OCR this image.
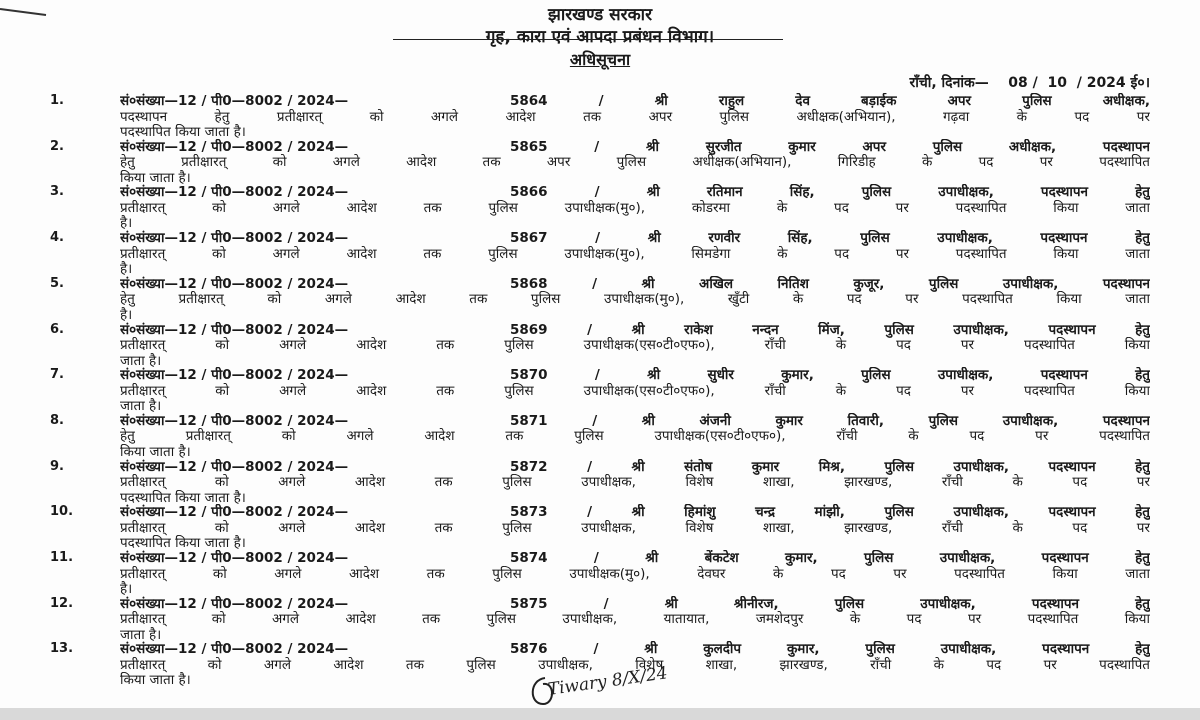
झारखण्ड सरकार
गृह, कारा एवं आपदा प्रबंधन विभाग।
अधिसूचना
राँची, दिनांक—    08 /  10  / 2024 ई०।
1.	सं०संख्या—12 / पी0—8002 / 2024—	5864 / श्री राहुल देव बड़ाईक अपर पुलिस अधीक्षक,
पदस्थापन हेतु प्रतीक्षारत् को अगले आदेश तक अपर पुलिस अधीक्षक(अभियान), गढ़वा के पद पर
पदस्थापित किया जाता है।
2.	सं०संख्या—12 / पी0—8002 / 2024—	5865 / श्री सुरजीत कुमार अपर पुलिस अधीक्षक, पदस्थापन
हेतु प्रतीक्षारत् को अगले आदेश तक अपर पुलिस अधीक्षक(अभियान), गिरिडीह के पद पर पदस्थापित
किया जाता है।
3.	सं०संख्या—12 / पी0—8002 / 2024—	5866 / श्री रतिमान सिंह, पुलिस उपाधीक्षक, पदस्थापन हेतु
प्रतीक्षारत् को अगले आदेश तक पुलिस उपाधीक्षक(मु०), कोडरमा के पद पर पदस्थापित किया जाता
है।
4.	सं०संख्या—12 / पी0—8002 / 2024—	5867 / श्री रणवीर सिंह, पुलिस उपाधीक्षक, पदस्थापन हेतु
प्रतीक्षारत् को अगले आदेश तक पुलिस उपाधीक्षक(मु०), सिमडेगा के पद पर पदस्थापित किया जाता
है।
5.	सं०संख्या—12 / पी0—8002 / 2024—	5868 / श्री अखिल नितिश कुजूर, पुलिस उपाधीक्षक, पदस्थापन
हेतु प्रतीक्षारत् को अगले आदेश तक पुलिस उपाधीक्षक(मु०), खुँटी के पद पर पदस्थापित किया जाता
है।
6.	सं०संख्या—12 / पी0—8002 / 2024—	5869 / श्री राकेश नन्दन मिंज, पुलिस उपाधीक्षक, पदस्थापन हेतु
प्रतीक्षारत् को अगले आदेश तक पुलिस उपाधीक्षक(एस०टी०एफ०), राँची के पद पर पदस्थापित किया
जाता है।
7.	सं०संख्या—12 / पी0—8002 / 2024—	5870 / श्री सुधीर कुमार, पुलिस उपाधीक्षक, पदस्थापन हेतु
प्रतीक्षारत् को अगले आदेश तक पुलिस उपाधीक्षक(एस०टी०एफ०), राँची के पद पर पदस्थापित किया
जाता है।
8.	सं०संख्या—12 / पी0—8002 / 2024—	5871 / श्री अंजनी कुमार तिवारी, पुलिस उपाधीक्षक, पदस्थापन
हेतु प्रतीक्षारत् को अगले आदेश तक पुलिस उपाधीक्षक(एस०टी०एफ०), राँची के पद पर पदस्थापित
किया जाता है।
9.	सं०संख्या—12 / पी0—8002 / 2024—	5872 / श्री संतोष कुमार मिश्र, पुलिस उपाधीक्षक, पदस्थापन हेतु
प्रतीक्षारत् को अगले आदेश तक पुलिस उपाधीक्षक, विशेष शाखा, झारखण्ड, राँची के पद पर
पदस्थापित किया जाता है।
10.	सं०संख्या—12 / पी0—8002 / 2024—	5873 / श्री हिमांशु चन्द्र मांझी, पुलिस उपाधीक्षक, पदस्थापन हेतु
प्रतीक्षारत् को अगले आदेश तक पुलिस उपाधीक्षक, विशेष शाखा, झारखण्ड, राँची के पद पर
पदस्थापित किया जाता है।
11.	सं०संख्या—12 / पी0—8002 / 2024—	5874 / श्री बेंकटेश कुमार, पुलिस उपाधीक्षक, पदस्थापन हेतु
प्रतीक्षारत् को अगले आदेश तक पुलिस उपाधीक्षक(मु०), देवघर के पद पर पदस्थापित किया जाता
है।
12.	सं०संख्या—12 / पी0—8002 / 2024—	5875 / श्री श्रीनीरज, पुलिस उपाधीक्षक, पदस्थापन हेतु
प्रतीक्षारत् को अगले आदेश तक पुलिस उपाधीक्षक, यातायात, जमशेदपुर के पद पर पदस्थापित किया
जाता है।
13.	सं०संख्या—12 / पी0—8002 / 2024—	5876 / श्री कुलदीप कुमार, पुलिस उपाधीक्षक, पदस्थापन हेतु
प्रतीक्षारत् को अगले आदेश तक पुलिस उपाधीक्षक, विशेष शाखा, झारखण्ड, राँची के पद पर पदस्थापित
किया जाता है।	Tiwary 8/X/24
